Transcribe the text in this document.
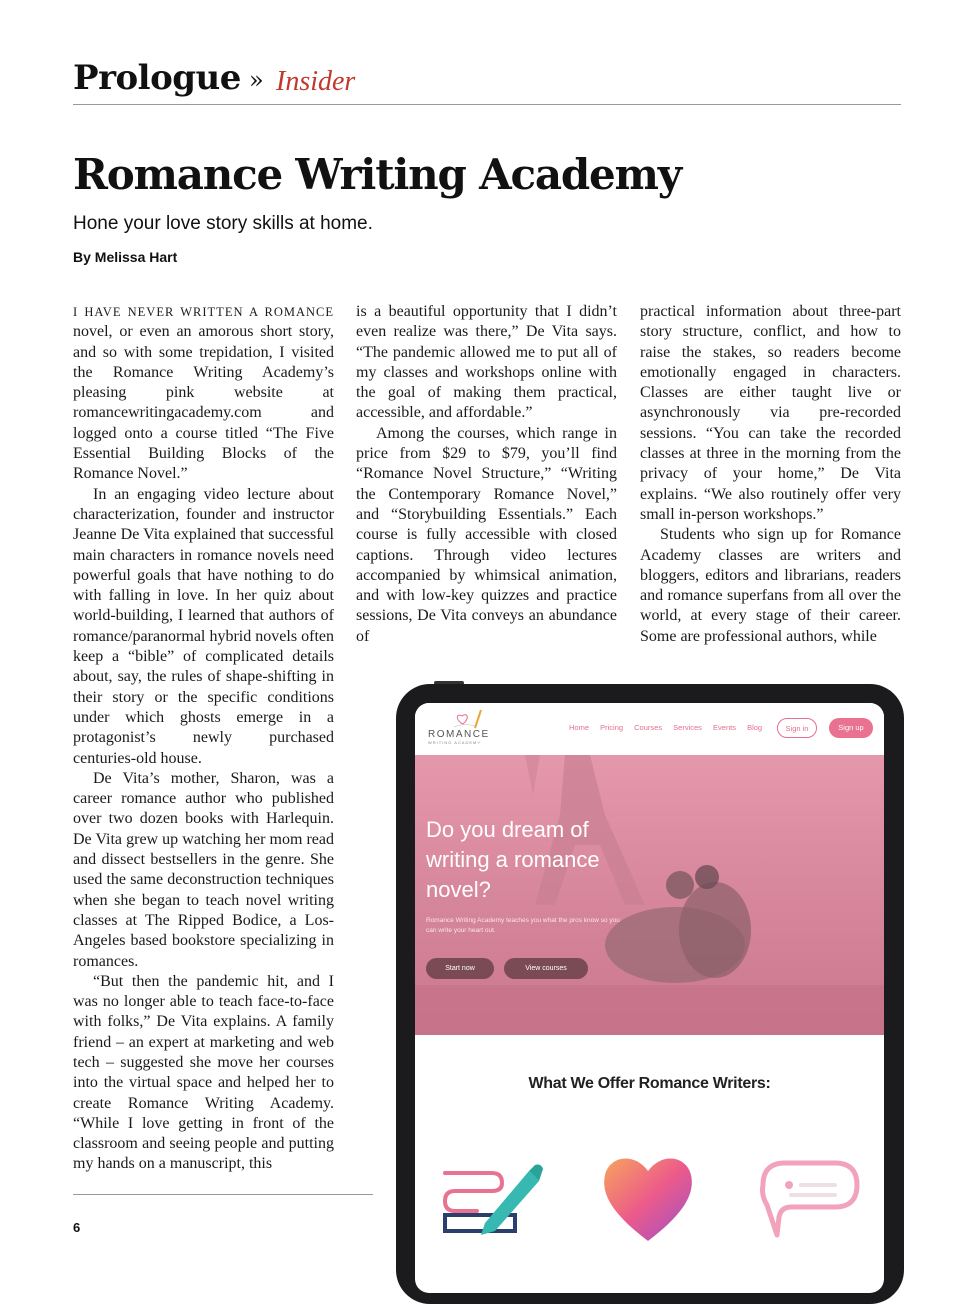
Prologue » Insider
Romance Writing Academy
Hone your love story skills at home.
By Melissa Hart

I HAVE NEVER WRITTEN A ROMANCE novel, or even an amorous short story, and so with some trepidation, I visited the Romance Writing Academy’s pleasing pink website at romancewritingacademy.com and logged onto a course titled “The Five Essential Building Blocks of the Romance Novel.”

In an engaging video lecture about characterization, founder and instructor Jeanne De Vita explained that successful main characters in romance novels need powerful goals that have nothing to do with falling in love. In her quiz about world-building, I learned that authors of romance/paranormal hybrid novels often keep a “bible” of complicated details about, say, the rules of shape-shifting in their story or the specific conditions under which ghosts emerge in a protagonist’s newly purchased centuries-old house.

De Vita’s mother, Sharon, was a career romance author who published over two dozen books with Harlequin. De Vita grew up watching her mom read and dissect bestsellers in the genre. She used the same deconstruction techniques when she began to teach novel writing classes at The Ripped Bodice, a Los-Angeles based bookstore specializing in romances.

“But then the pandemic hit, and I was no longer able to teach face-to-face with folks,” De Vita explains. A family friend – an expert at marketing and web tech – suggested she move her courses into the virtual space and helped her to create Romance Writing Academy. “While I love getting in front of the classroom and seeing people and putting my hands on a manuscript, this

is a beautiful opportunity that I didn’t even realize was there,” De Vita says. “The pandemic allowed me to put all of my classes and workshops online with the goal of making them practical, accessible, and affordable.”

Among the courses, which range in price from $29 to $79, you’ll find “Romance Novel Structure,” “Writing the Contemporary Romance Novel,” and “Storybuilding Essentials.” Each course is fully accessible with closed captions. Through video lectures accompanied by whimsical animation, and with low-key quizzes and practice sessions, De Vita conveys an abundance of

practical information about three-part story structure, conflict, and how to raise the stakes, so readers become emotionally engaged in characters. Classes are either taught live or asynchronously via pre-recorded sessions. “You can take the recorded classes at three in the morning from the privacy of your home,” De Vita explains. “We also routinely offer very small in-person workshops.”

Students who sign up for Romance Academy classes are writers and bloggers, editors and librarians, readers and romance superfans from all over the world, at every stage of their career. Some are professional authors, while

6
ROMANCE
WRITING ACADEMY
Home Pricing Courses Services Events Blog	Sign in	Sign up
Do you dream of writing a romance novel?
Romance Writing Academy teaches you what the pros know so you can write your heart out.
Start now	View courses
What We Offer Romance Writers:
